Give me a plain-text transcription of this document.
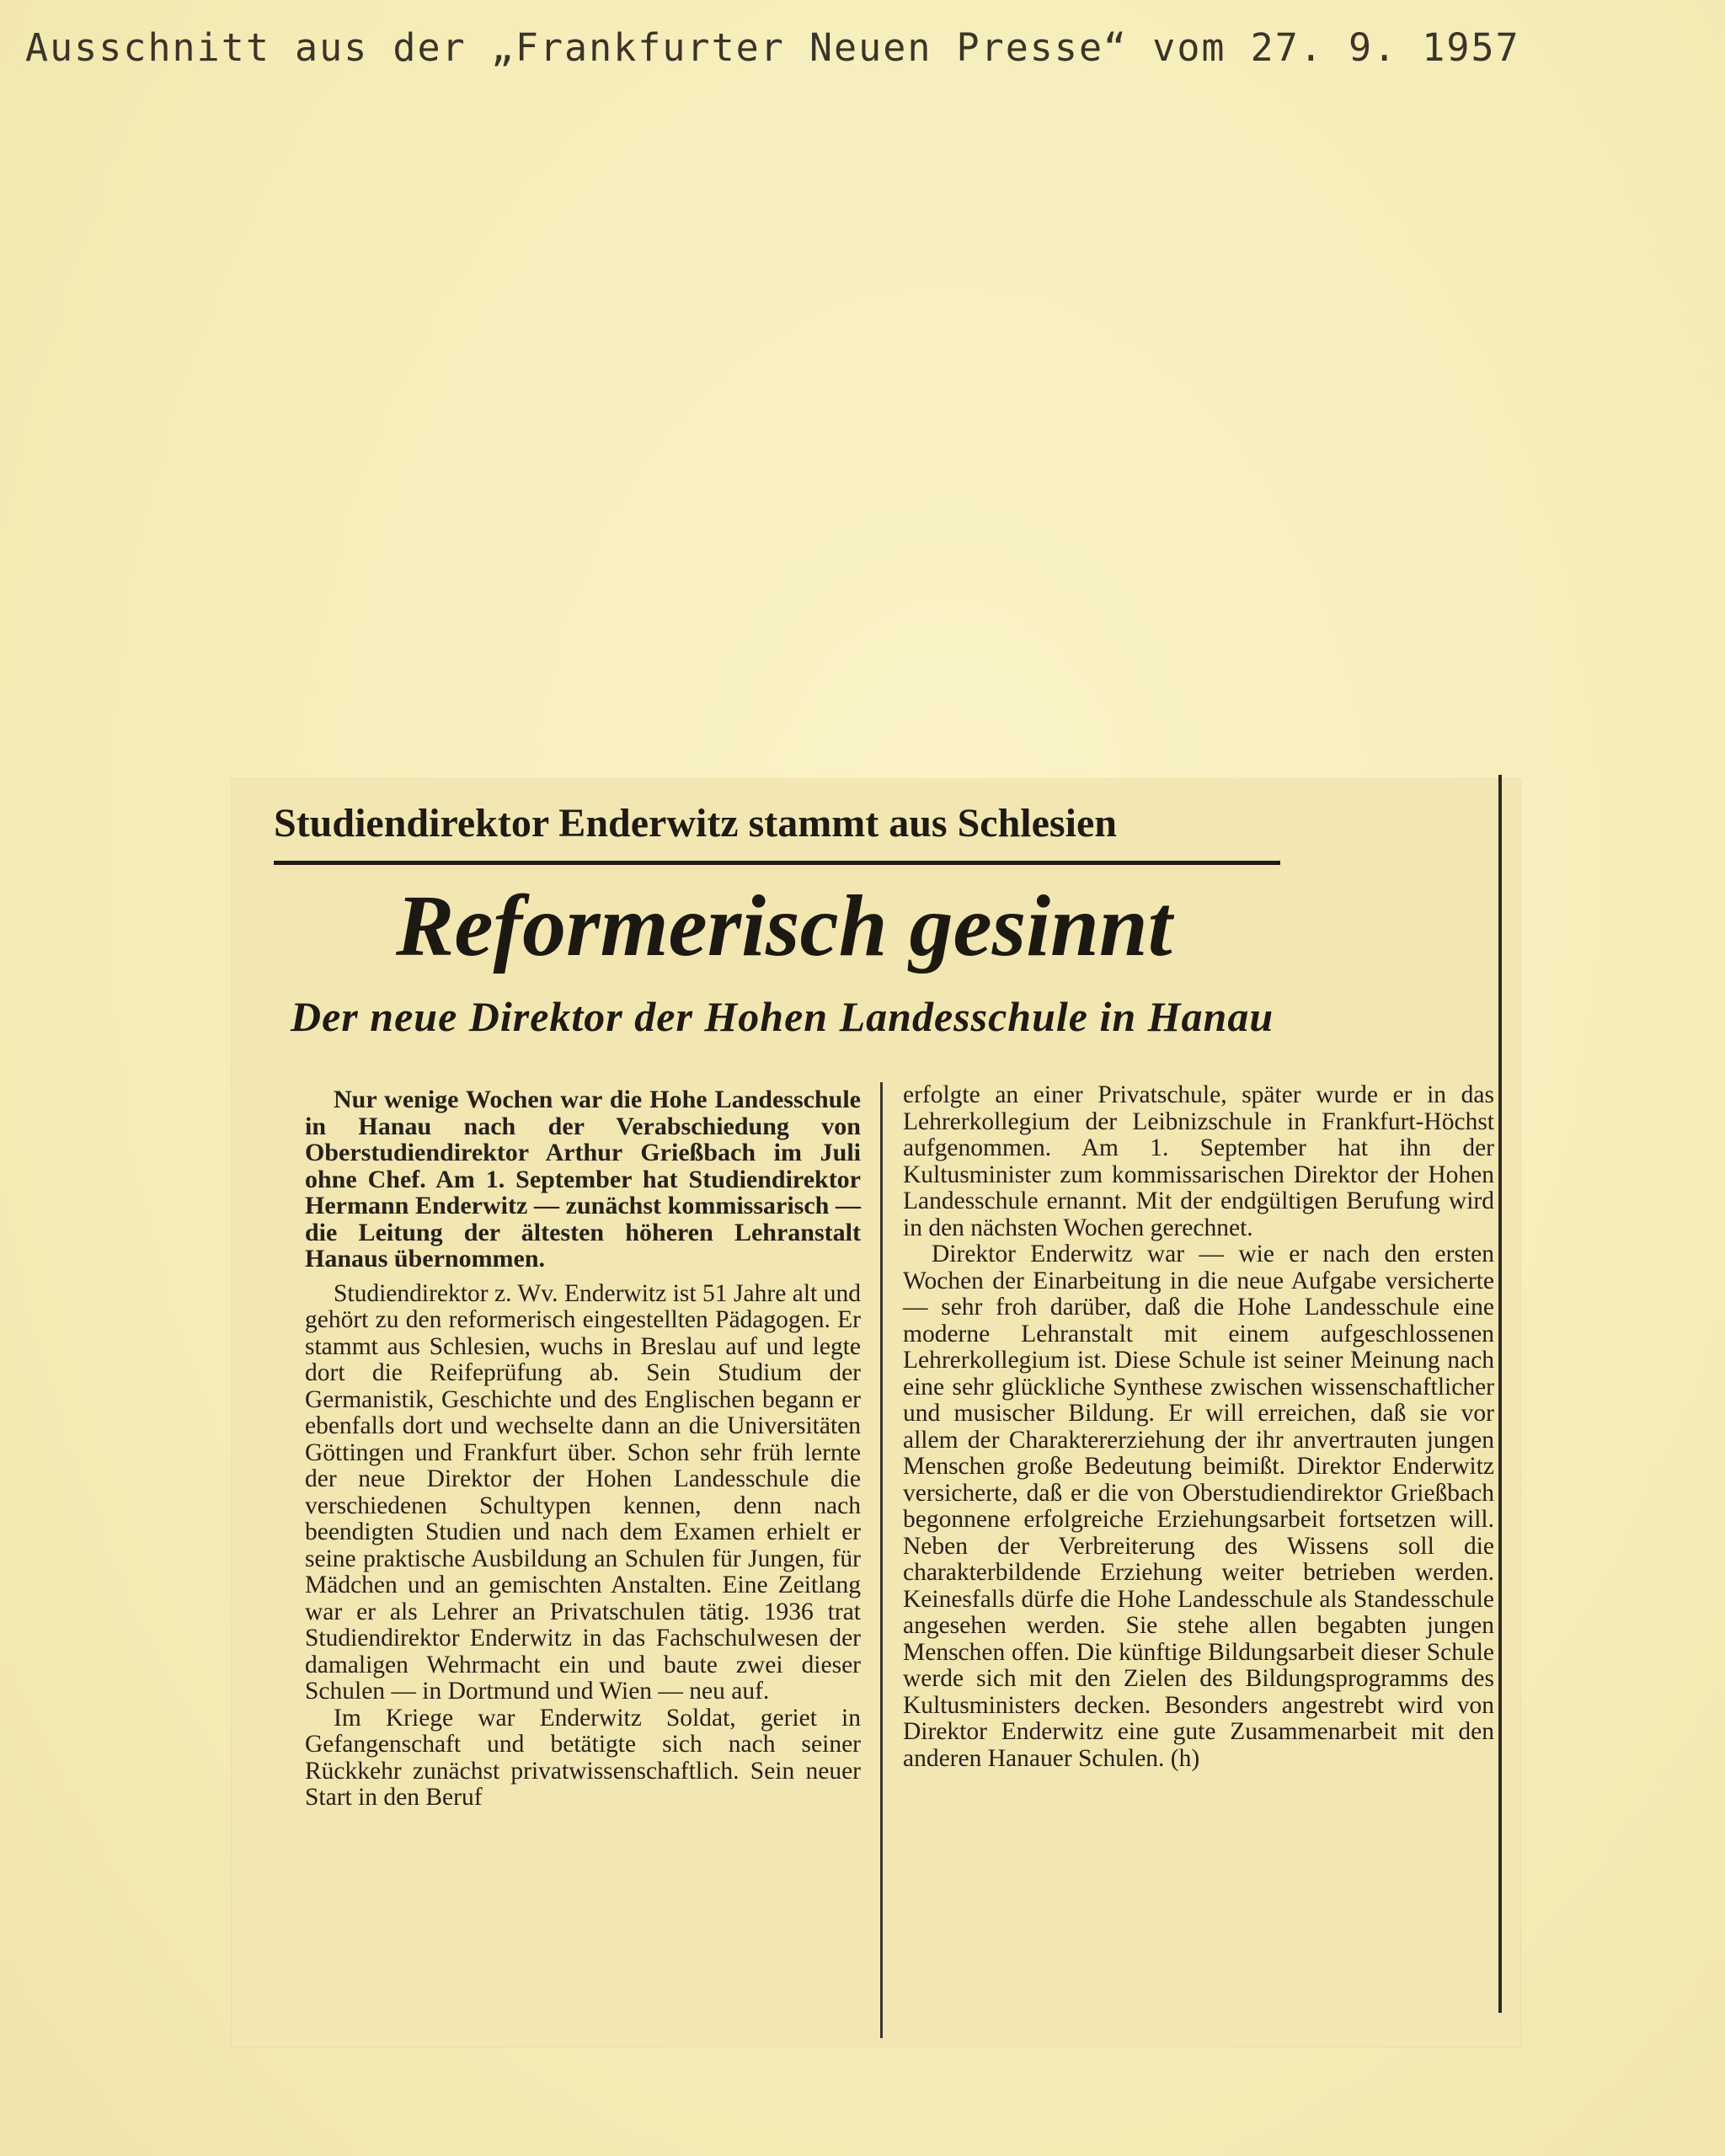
Ausschnitt aus der „Frankfurter Neuen Presse“ vom 27. 9. 1957
Studiendirektor Enderwitz stammt aus Schlesien
Reformerisch gesinnt
Der neue Direktor der Hohen Landesschule in Hanau

Nur wenige Wochen war die Hohe Landesschule in Hanau nach der Verabschiedung von Oberstudiendirektor Arthur Grießbach im Juli ohne Chef. Am 1. September hat Studiendirektor Hermann Enderwitz — zunächst kommissarisch — die Leitung der ältesten höheren Lehranstalt Hanaus übernommen.

Studiendirektor z. Wv. Enderwitz ist 51 Jahre alt und gehört zu den reformerisch eingestellten Pädagogen. Er stammt aus Schlesien, wuchs in Breslau auf und legte dort die Reifeprüfung ab. Sein Studium der Germanistik, Geschichte und des Englischen begann er ebenfalls dort und wechselte dann an die Universitäten Göttingen und Frankfurt über. Schon sehr früh lernte der neue Direktor der Hohen Landesschule die verschiedenen Schultypen kennen, denn nach beendigten Studien und nach dem Examen erhielt er seine praktische Ausbildung an Schulen für Jungen, für Mädchen und an gemischten Anstalten. Eine Zeitlang war er als Lehrer an Privatschulen tätig. 1936 trat Studiendirektor Enderwitz in das Fachschulwesen der damaligen Wehrmacht ein und baute zwei dieser Schulen — in Dortmund und Wien — neu auf.

Im Kriege war Enderwitz Soldat, geriet in Gefangenschaft und betätigte sich nach seiner Rückkehr zunächst privatwissenschaftlich. Sein neuer Start in den Beruf

erfolgte an einer Privatschule, später wurde er in das Lehrerkollegium der Leibnizschule in Frankfurt-Höchst aufgenommen. Am 1. September hat ihn der Kultusminister zum kommissarischen Direktor der Hohen Landesschule ernannt. Mit der endgültigen Berufung wird in den nächsten Wochen gerechnet.

Direktor Enderwitz war — wie er nach den ersten Wochen der Einarbeitung in die neue Aufgabe versicherte — sehr froh darüber, daß die Hohe Landesschule eine moderne Lehranstalt mit einem aufgeschlossenen Lehrerkollegium ist. Diese Schule ist seiner Meinung nach eine sehr glückliche Synthese zwischen wissenschaftlicher und musischer Bildung. Er will erreichen, daß sie vor allem der Charaktererziehung der ihr anvertrauten jungen Menschen große Bedeutung beimißt. Direktor Enderwitz versicherte, daß er die von Oberstudiendirektor Grießbach begonnene erfolgreiche Erziehungsarbeit fortsetzen will. Neben der Verbreiterung des Wissens soll die charakterbildende Erziehung weiter betrieben werden. Keinesfalls dürfe die Hohe Landesschule als Standesschule angesehen werden. Sie stehe allen begabten jungen Menschen offen. Die künftige Bildungsarbeit dieser Schule werde sich mit den Zielen des Bildungsprogramms des Kultusministers decken. Besonders angestrebt wird von Direktor Enderwitz eine gute Zusammenarbeit mit den anderen Hanauer Schulen. (h)
